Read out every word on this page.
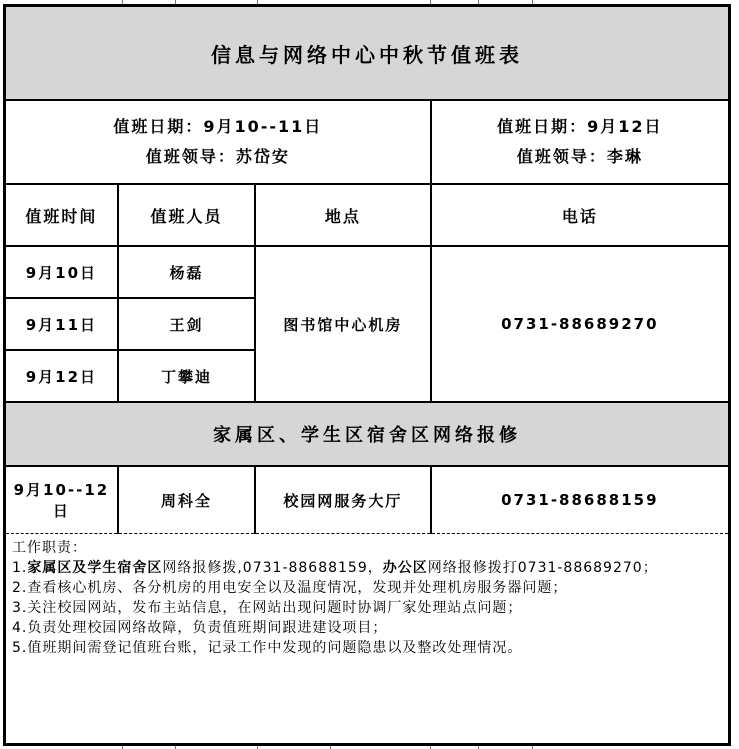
信息与网络中心中秋节值班表			

值班日期：9月10--11日
值班领导：苏岱安

值班日期：9月12日
值班领导：李琳

值班时间	值班人员	地点	电话
9月10日	杨磊	图书馆中心机房	0731-88689270
9月11日	王剑		
9月12日	丁攀迪		
家属区、学生区宿舍区网络报修			
9月10--12日	周科全	校园网服务大厅	0731-88688159

工作职责：
1.家属区及学生宿舍区网络报修拨,0731-88688159，办公区网络报修拨打0731-88689270；
2.查看核心机房、各分机房的用电安全以及温度情况，发现并处理机房服务器问题；
3.关注校园网站，发布主站信息，在网站出现问题时协调厂家处理站点问题；
4.负责处理校园网络故障，负责值班期间跟进建设项目；
5.值班期间需登记值班台账，记录工作中发现的问题隐患以及整改处理情况。
